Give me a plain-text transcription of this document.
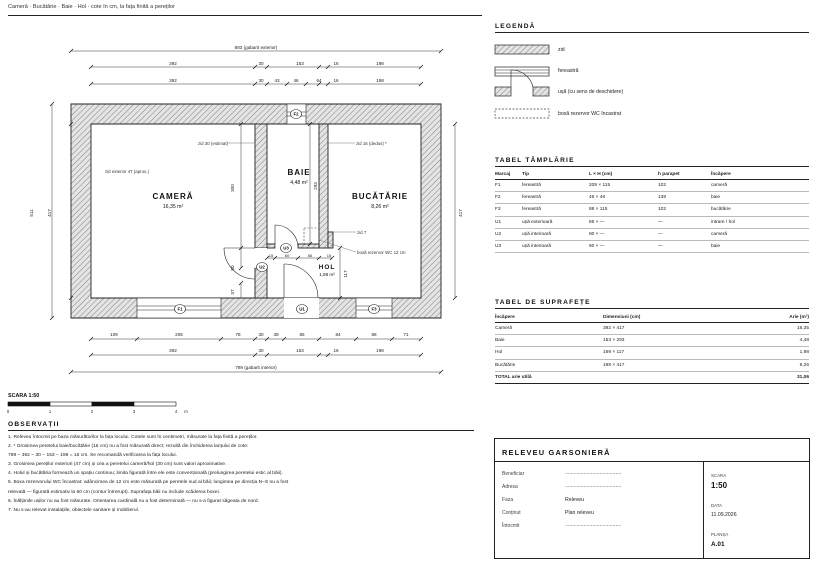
Cameră · Bucătărie · Baie · Hol · cote în cm, la fața finită a pereților
883 (gabarit exterior)
392	30	153	16	198
392	30 43	46	64	16	198
109	205	78	30 39	85	84	88	71
392	30	153	16	198
789 (gabarit interior)
511	417	417
300	293
117
80
37
15	60	66	15
zid exterior 47 (aprox.)
zid 30 (estimat)	zid 16 (dedus) *
zid 7
boxă rezervor WC 12 cm
CAMERĂ
16,35 m²
BAIE
4,48 m²
BUCĂTĂRIE
8,26 m²
HOL
1,98 m²
F1
F2
F3
U1
U2
U3
SCARA 1:50
0	1	2	3	4 m
OBSERVAȚII
1. Releveu întocmit pe baza măsurătorilor la fața locului. Cotele sunt în centimetri, măsurate la fața finită a pereților.
2. * Grosimea peretelui baie/bucătărie (16 cm) nu a fost măsurată direct; rezultă din închiderea lanțului de cote:
789 − 392 − 30 − 153 − 198 = 16 cm. Se recomandă verificarea la fața locului.
3. Grosimea pereților exteriori (47 cm) și cea a peretelui cameră/hol (30 cm) sunt valori aproximative.
4. Holul și bucătăria formează un spațiu continuu; limita figurată între ele este convențională (prelungirea peretelui estic al băii).
5. Boxa rezervorului WC încastrat: adâncimea de 12 cm este măsurată pe peretele sud al băii; lungimea pe direcția N–S nu a fost
relevată — figurată estimativ la 60 cm (contur întrerupt). Suprafața băii nu include scăderea boxei.
6. Înălțimile ușilor nu au fost măsurate. Orientarea cardinală nu a fost determinată — nu s-a figurat săgeata de nord.
7. Nu s-au relevat instalațiile, obiectele sanitare și mobilierul.
LEGENDĂ
zid
fereastră
ușă (cu sens de deschidere)
boxă rezervor WC încastrat
TABEL TÂMPLĂRIE
Marcaj	Tip	L × H (cm)	h parapet	Încăpere
F1	fereastră	205 × 115	102	cameră
F2	fereastră	46 × 46	138	baie
F3	fereastră	88 × 115	102	bucătărie
U1	ușă exterioară	85 × —	—	intrare / hol
U2	ușă interioară	80 × —	—	cameră
U3	ușă interioară	60 × —	—	baie
TABEL DE SUPRAFEȚE
Încăpere	Dimensiuni (cm)	Arie (m²)
Cameră	392 × 417	16,35
Baie	153 × 293	4,48
Hol	169 × 117	1,98
Bucătărie	198 × 417	8,26
TOTAL arie utilă		31,06
RELEVEU GARSONIERĂ
Beneficiar	.......................................
Adresa	.......................................
Faza	Releveu
Conținut	Plan releveu
Întocmit	.......................................
SCARA
1:50
DATA
11.09.2026
PLANȘA
A.01
